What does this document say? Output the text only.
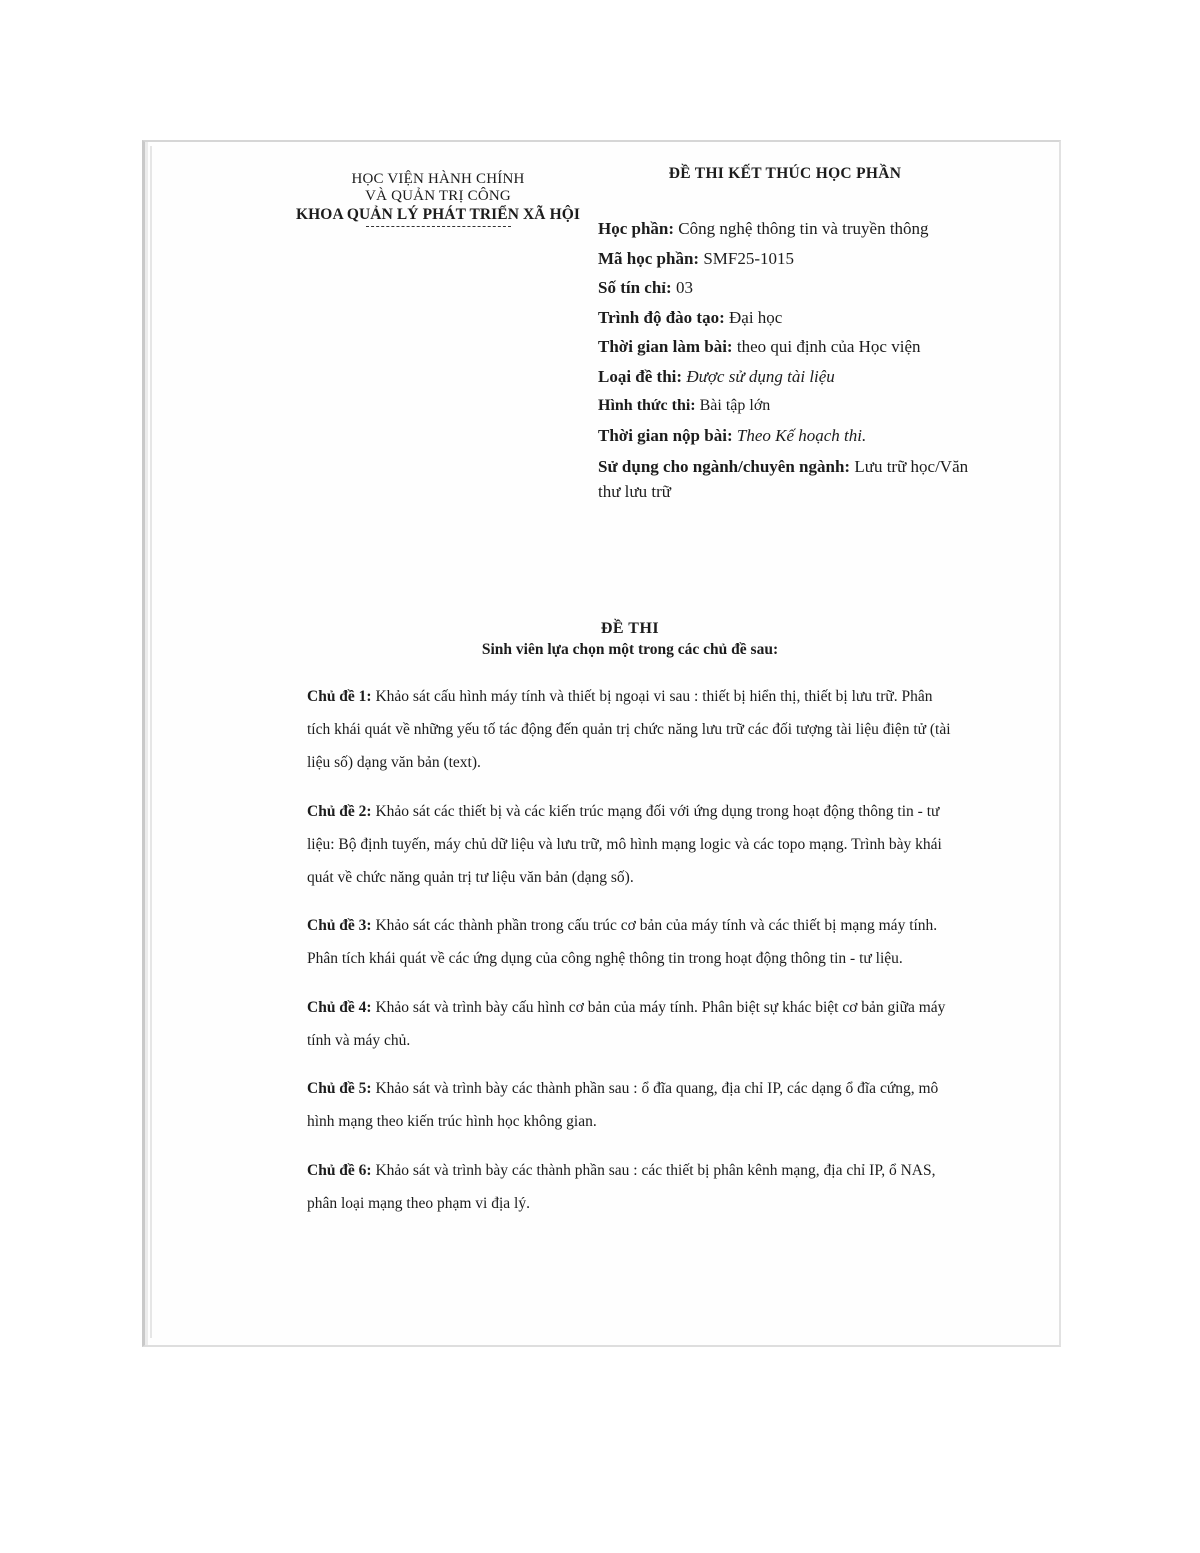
HỌC VIỆN HÀNH CHÍNH
VÀ QUẢN TRỊ CÔNG
KHOA QUẢN LÝ PHÁT TRIỂN XÃ HỘI
ĐỀ THI KẾT THÚC HỌC PHẦN
Học phần: Công nghệ thông tin và truyền thông
Mã học phần: SMF25-1015
Số tín chỉ: 03
Trình độ đào tạo: Đại học
Thời gian làm bài: theo qui định của Học viện
Loại đề thi: Được sử dụng tài liệu
Hình thức thi: Bài tập lớn
Thời gian nộp bài: Theo Kế hoạch thi.
Sử dụng cho ngành/chuyên ngành: Lưu trữ học/Văn thư lưu trữ
ĐỀ THI
Sinh viên lựa chọn một trong các chủ đề sau:

Chủ đề 1: Khảo sát cấu hình máy tính và thiết bị ngoại vi sau : thiết bị hiển thị, thiết bị lưu trữ. Phân tích khái quát về những yếu tố tác động đến quản trị chức năng lưu trữ các đối tượng tài liệu điện tử (tài liệu số) dạng văn bản (text).

Chủ đề 2: Khảo sát các thiết bị và các kiến trúc mạng đối với ứng dụng trong hoạt động thông tin - tư liệu: Bộ định tuyến, máy chủ dữ liệu và lưu trữ, mô hình mạng logic và các topo mạng. Trình bày khái quát về chức năng quản trị tư liệu văn bản (dạng số).

Chủ đề 3: Khảo sát các thành phần trong cấu trúc cơ bản của máy tính và các thiết bị mạng máy tính. Phân tích khái quát về các ứng dụng của công nghệ thông tin trong hoạt động thông tin - tư liệu.

Chủ đề 4: Khảo sát và trình bày cấu hình cơ bản của máy tính. Phân biệt sự khác biệt cơ bản giữa máy tính và máy chủ.

Chủ đề 5: Khảo sát và trình bày các thành phần sau : ổ đĩa quang, địa chỉ IP, các dạng ổ đĩa cứng, mô hình mạng theo kiến trúc hình học không gian.

Chủ đề 6: Khảo sát và trình bày các thành phần sau : các thiết bị phân kênh mạng, địa chỉ IP, ổ NAS, phân loại mạng theo phạm vi địa lý.
